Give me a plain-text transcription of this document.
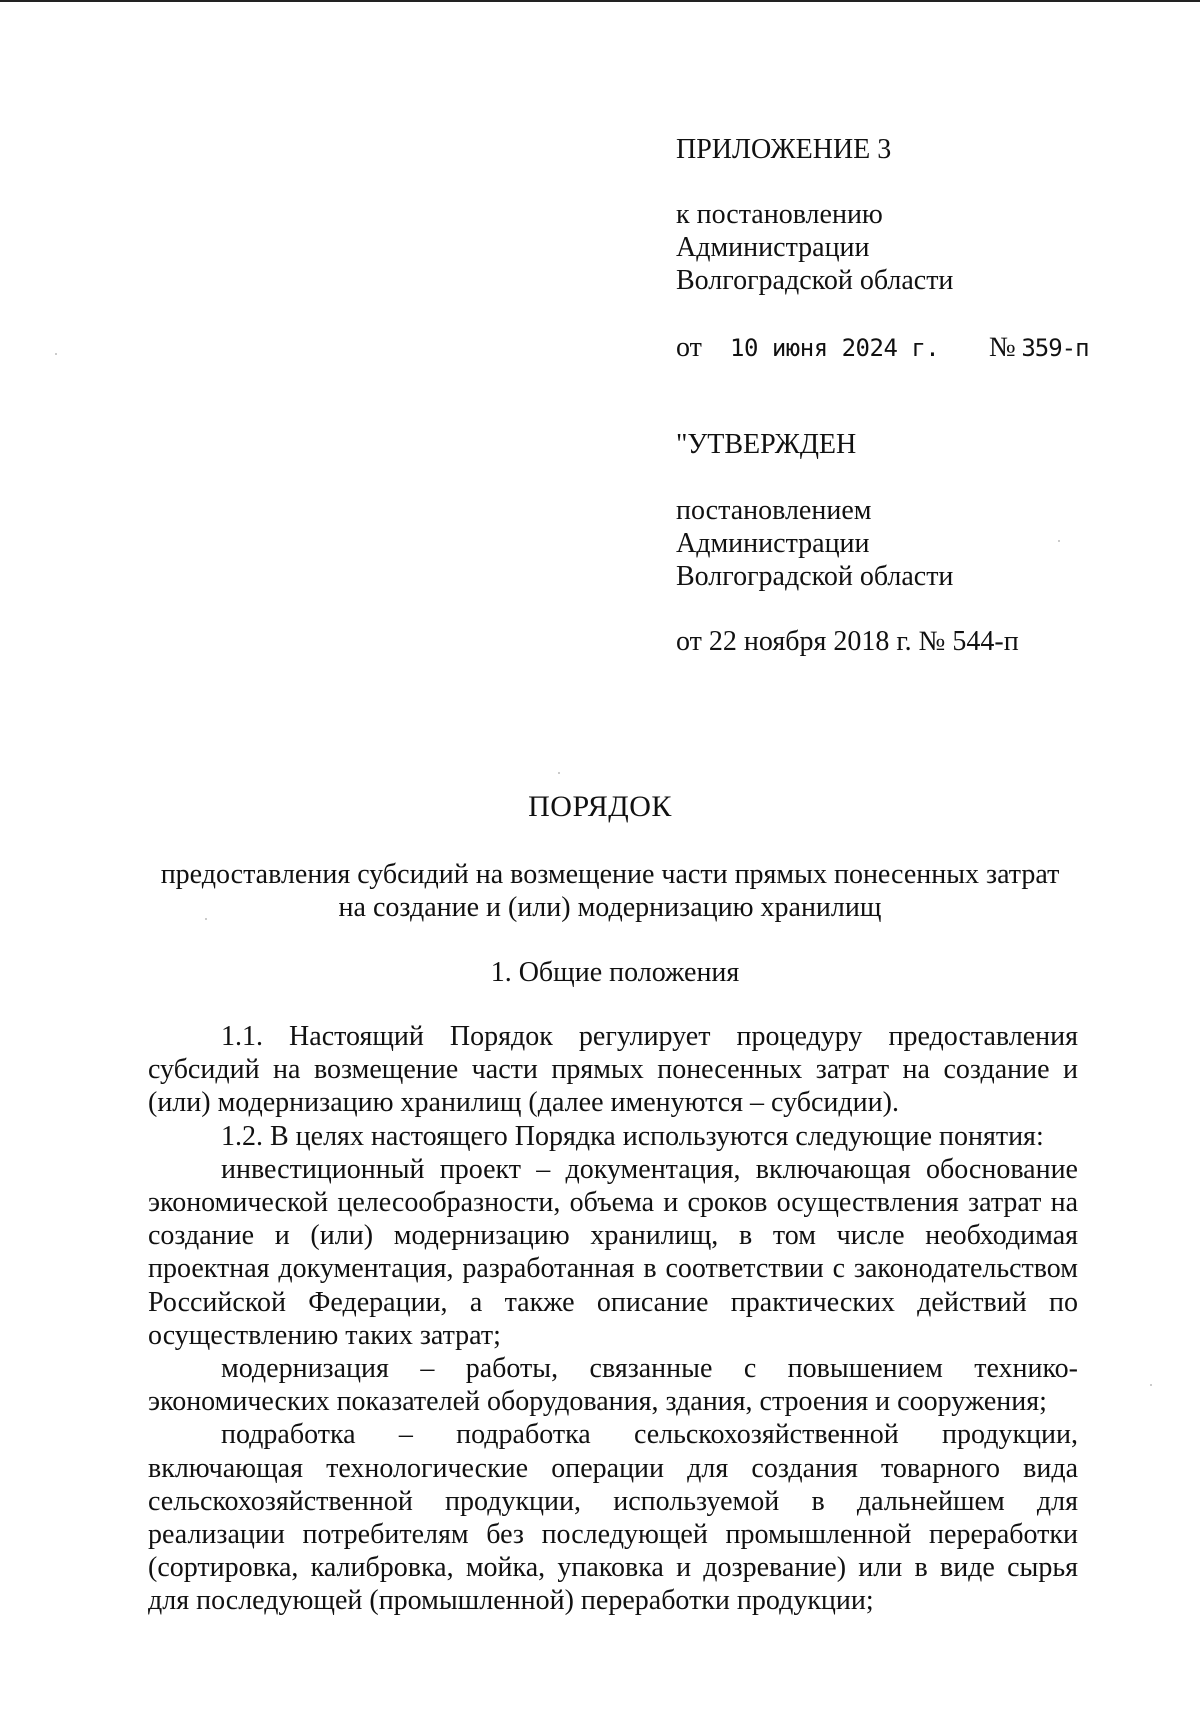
ПРИЛОЖЕНИЕ 3
к постановлению
Администрации
Волгоградской области
от 10 июня 2024 г. №  359-п
"УТВЕРЖДЕН
постановлением
Администрации
Волгоградской области
от 22 ноября 2018 г. № 544-п
ПОРЯДОК
предоставления субсидий на возмещение части прямых понесенных затрат
на создание и (или) модернизацию хранилищ
1. Общие положения

1.1. Настоящий Порядок регулирует процедуру предоставления субсидий на возмещение части прямых понесенных затрат на создание и (или) модернизацию хранилищ (далее именуются – субсидии).

1.2. В целях настоящего Порядка используются следующие понятия:

инвестиционный проект – документация, включающая обоснование экономической целесообразности, объема и сроков осуществления затрат на создание и (или) модернизацию хранилищ, в том числе необходимая проектная документация, разработанная в соответствии с законодательством Российской Федерации, а также описание практических действий по осуществлению таких затрат;

модернизация – работы, связанные с повышением технико-экономических показателей оборудования, здания, строения и сооружения;

подработка – подработка сельскохозяйственной продукции, включающая технологические операции для создания товарного вида сельскохозяйственной продукции, используемой в дальнейшем для реализации потребителям без последующей промышленной переработки (сортировка, калибровка, мойка, упаковка и дозревание) или в виде сырья для последующей (промышленной) переработки продукции;
